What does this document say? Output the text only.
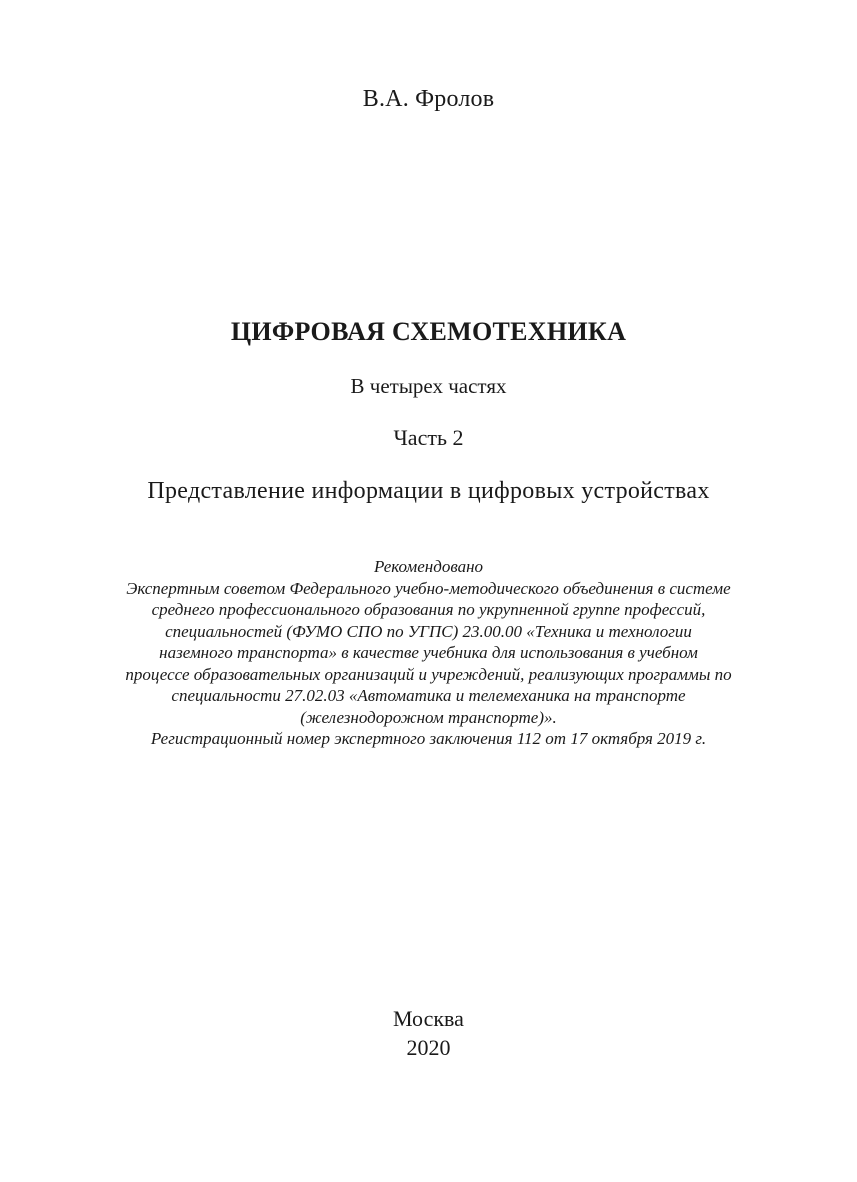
В.А. Фролов
ЦИФРОВАЯ СХЕМОТЕХНИКА
В четырех частях
Часть 2
Представление информации в цифровых устройствах
Рекомендовано
Экспертным советом Федерального учебно-методического объединения в системе
среднего профессионального образования по укрупненной группе профессий,
специальностей (ФУМО СПО по УГПС) 23.00.00 «Техника и технологии
наземного транспорта» в качестве учебника для использования в учебном
процессе образовательных организаций и учреждений, реализующих программы по
специальности 27.02.03 «Автоматика и телемеханика на транспорте
(железнодорожном транспорте)».
Регистрационный номер экспертного заключения 112 от 17 октября 2019 г.
Москва
2020
